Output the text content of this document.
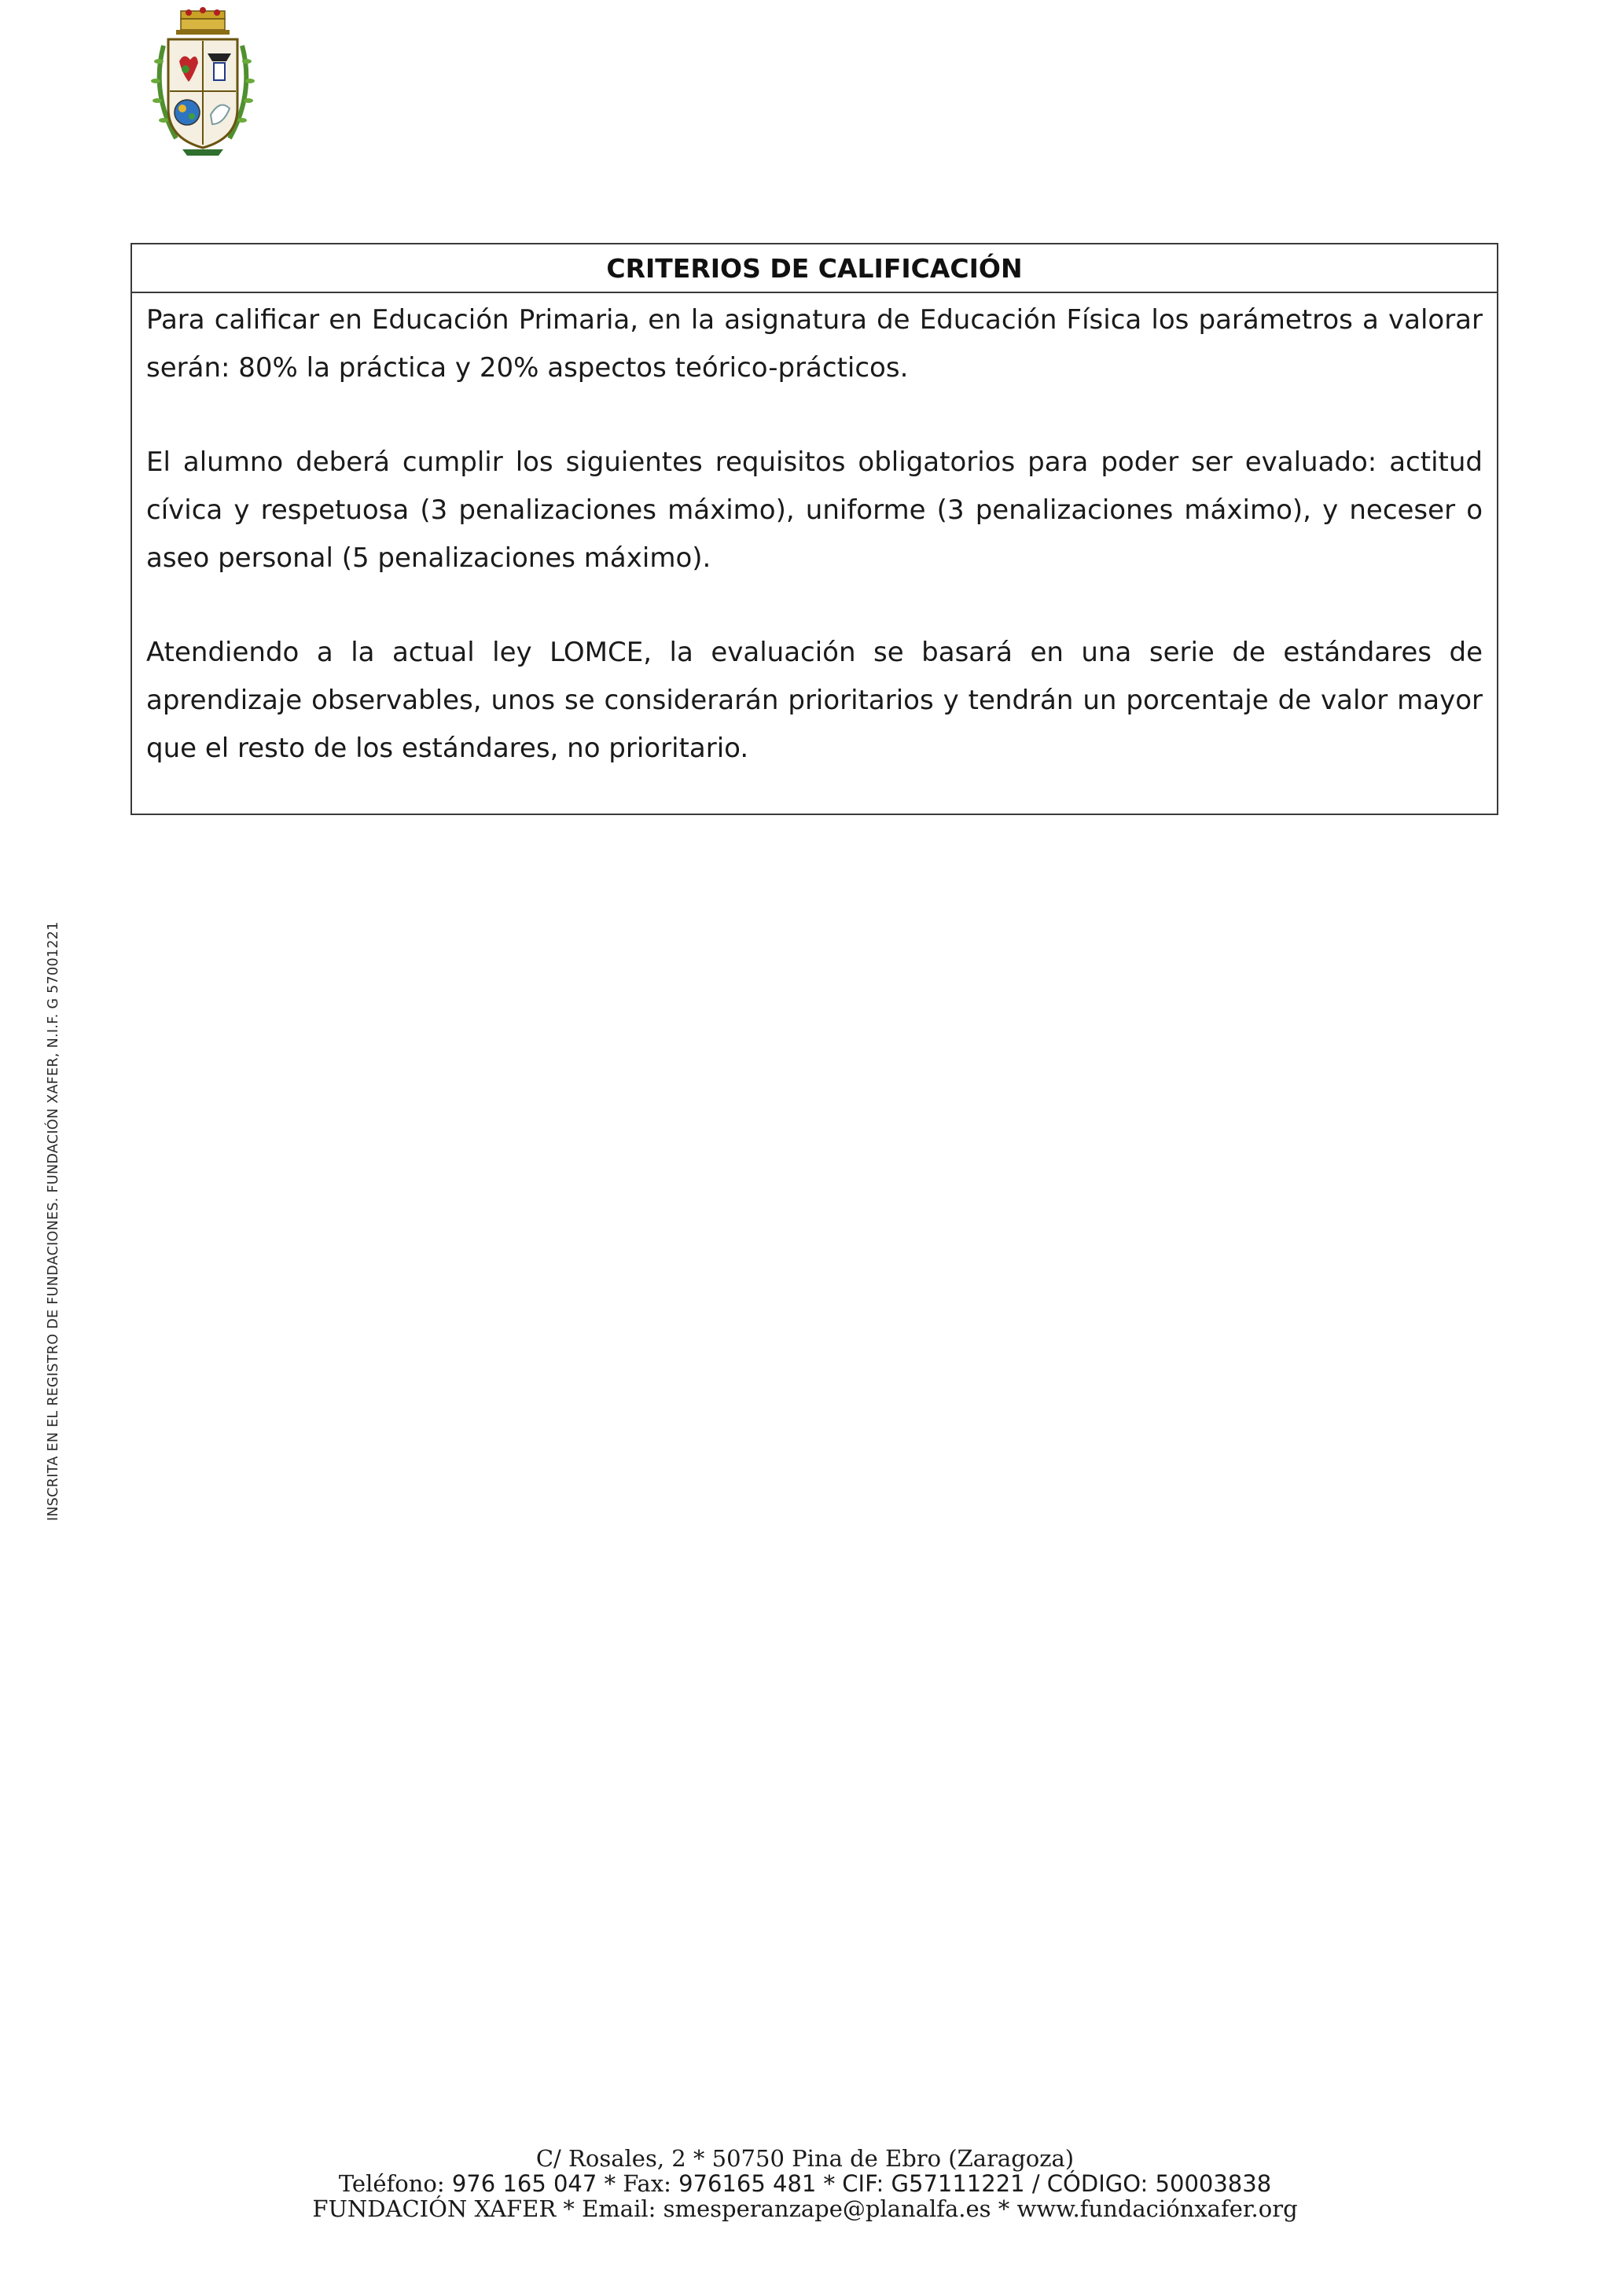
INSCRITA EN EL REGISTRO DE FUNDACIONES. FUNDACIÓN XAFER, N.I.F. G 57001221
CRITERIOS DE CALIFICACIÓN

Para calificar en Educación Primaria, en la asignatura de Educación Física los parámetros a valorar serán: 80% la práctica y 20% aspectos teórico-prácticos.

El alumno deberá cumplir los siguientes requisitos obligatorios para poder ser evaluado: actitud cívica y respetuosa (3 penalizaciones máximo), uniforme (3 penalizaciones máximo), y neceser o aseo personal (5 penalizaciones máximo).

Atendiendo a la actual ley LOMCE, la evaluación se basará en una serie de estándares de aprendizaje observables, unos se considerarán prioritarios y tendrán un porcentaje de valor mayor que el resto de los estándares, no prioritario.

C/ Rosales, 2 * 50750 Pina de Ebro (Zaragoza)
Teléfono: 976 165 047 * Fax: 976165 481 * CIF: G57111221 / CÓDIGO: 50003838
FUNDACIÓN XAFER * Email: smesperanzape@planalfa.es * www.fundaciónxafer.org
